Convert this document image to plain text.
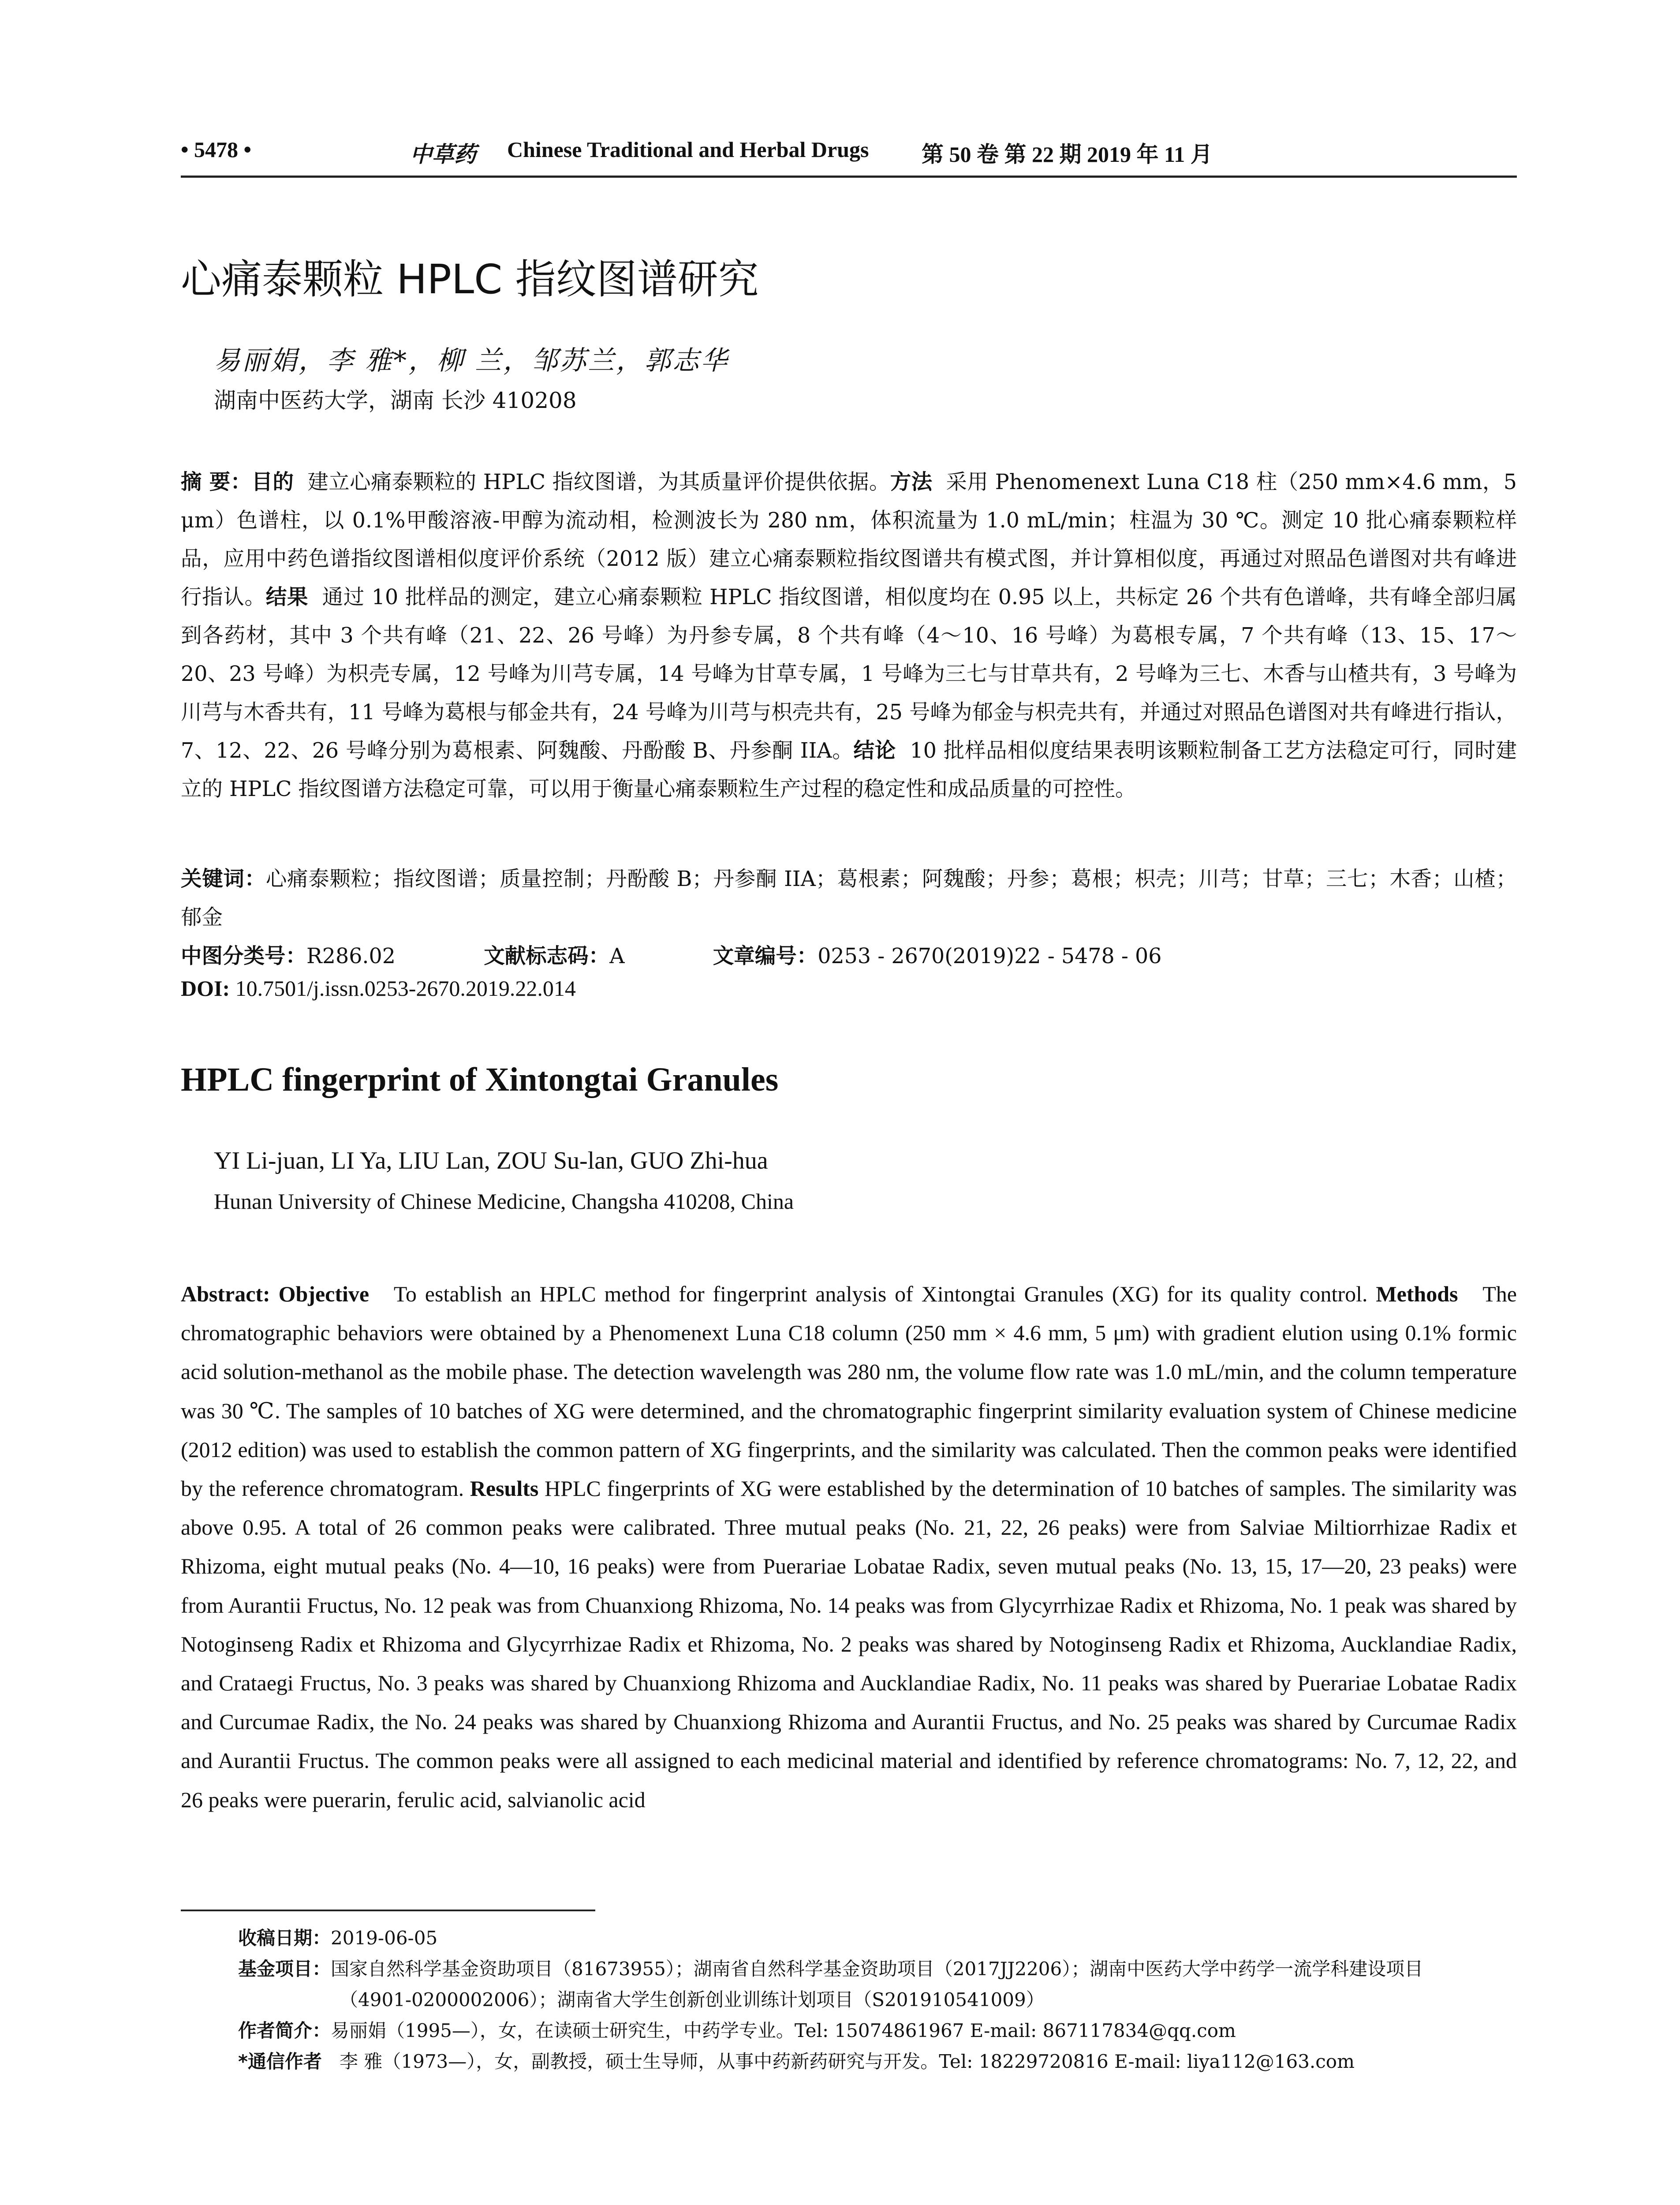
• 5478 •	中草药 Chinese Traditional and Herbal Drugs 第 50 卷 第 22 期 2019 年 11 月
心痛泰颗粒 HPLC 指纹图谱研究
易丽娟，李 雅*，柳 兰，邹苏兰，郭志华
湖南中医药大学，湖南 长沙 410208
摘 要：目的 建立心痛泰颗粒的 HPLC 指纹图谱，为其质量评价提供依据。方法 采用 Phenomenext Luna C18 柱（250 mm×4.6 mm，5 μm）色谱柱，以 0.1%甲酸溶液-甲醇为流动相，检测波长为 280 nm，体积流量为 1.0 mL/min；柱温为 30 ℃。测定 10 批心痛泰颗粒样品，应用中药色谱指纹图谱相似度评价系统（2012 版）建立心痛泰颗粒指纹图谱共有模式图，并计算相似度，再通过对照品色谱图对共有峰进行指认。结果 通过 10 批样品的测定，建立心痛泰颗粒 HPLC 指纹图谱，相似度均在 0.95 以上，共标定 26 个共有色谱峰，共有峰全部归属到各药材，其中 3 个共有峰（21、22、26 号峰）为丹参专属，8 个共有峰（4～10、16 号峰）为葛根专属，7 个共有峰（13、15、17～20、23 号峰）为枳壳专属，12 号峰为川芎专属，14 号峰为甘草专属，1 号峰为三七与甘草共有，2 号峰为三七、木香与山楂共有，3 号峰为川芎与木香共有，11 号峰为葛根与郁金共有，24 号峰为川芎与枳壳共有，25 号峰为郁金与枳壳共有，并通过对照品色谱图对共有峰进行指认，7、12、22、26 号峰分别为葛根素、阿魏酸、丹酚酸 B、丹参酮 IIA。结论 10 批样品相似度结果表明该颗粒制备工艺方法稳定可行，同时建立的 HPLC 指纹图谱方法稳定可靠，可以用于衡量心痛泰颗粒生产过程的稳定性和成品质量的可控性。
关键词：心痛泰颗粒；指纹图谱；质量控制；丹酚酸 B；丹参酮 IIA；葛根素；阿魏酸；丹参；葛根；枳壳；川芎；甘草；三七；木香；山楂；郁金
中图分类号：R286.02	文献标志码：A	文章编号：0253 - 2670(2019)22 - 5478 - 06
DOI: 10.7501/j.issn.0253-2670.2019.22.014
HPLC fingerprint of Xintongtai Granules
YI Li-juan, LI Ya, LIU Lan, ZOU Su-lan, GUO Zhi-hua
Hunan University of Chinese Medicine, Changsha 410208, China
Abstract: Objective To establish an HPLC method for fingerprint analysis of Xintongtai Granules (XG) for its quality control. Methods The chromatographic behaviors were obtained by a Phenomenext Luna C18 column (250 mm × 4.6 mm, 5 μm) with gradient elution using 0.1% formic acid solution-methanol as the mobile phase. The detection wavelength was 280 nm, the volume flow rate was 1.0 mL/min, and the column temperature was 30 ℃. The samples of 10 batches of XG were determined, and the chromatographic fingerprint similarity evaluation system of Chinese medicine (2012 edition) was used to establish the common pattern of XG fingerprints, and the similarity was calculated. Then the common peaks were identified by the reference chromatogram. Results HPLC fingerprints of XG were established by the determination of 10 batches of samples. The similarity was above 0.95. A total of 26 common peaks were calibrated. Three mutual peaks (No. 21, 22, 26 peaks) were from Salviae Miltiorrhizae Radix et Rhizoma, eight mutual peaks (No. 4—10, 16 peaks) were from Puerariae Lobatae Radix, seven mutual peaks (No. 13, 15, 17—20, 23 peaks) were from Aurantii Fructus, No. 12 peak was from Chuanxiong Rhizoma, No. 14 peaks was from Glycyrrhizae Radix et Rhizoma, No. 1 peak was shared by Notoginseng Radix et Rhizoma and Glycyrrhizae Radix et Rhizoma, No. 2 peaks was shared by Notoginseng Radix et Rhizoma, Aucklandiae Radix, and Crataegi Fructus, No. 3 peaks was shared by Chuanxiong Rhizoma and Aucklandiae Radix, No. 11 peaks was shared by Puerariae Lobatae Radix and Curcumae Radix, the No. 24 peaks was shared by Chuanxiong Rhizoma and Aurantii Fructus, and No. 25 peaks was shared by Curcumae Radix and Aurantii Fructus. The common peaks were all assigned to each medicinal material and identified by reference chromatograms: No. 7, 12, 22, and 26 peaks were puerarin, ferulic acid, salvianolic acid
收稿日期：2019-06-05
基金项目：国家自然科学基金资助项目（81673955）；湖南省自然科学基金资助项目（2017JJ2206）；湖南中医药大学中药学一流学科建设项目
（4901-0200002006）；湖南省大学生创新创业训练计划项目（S201910541009）
作者简介：易丽娟（1995—），女，在读硕士研究生，中药学专业。Tel: 15074861967 E-mail: 867117834@qq.com
*通信作者 李 雅（1973—），女，副教授，硕士生导师，从事中药新药研究与开发。Tel: 18229720816 E-mail: liya112@163.com
